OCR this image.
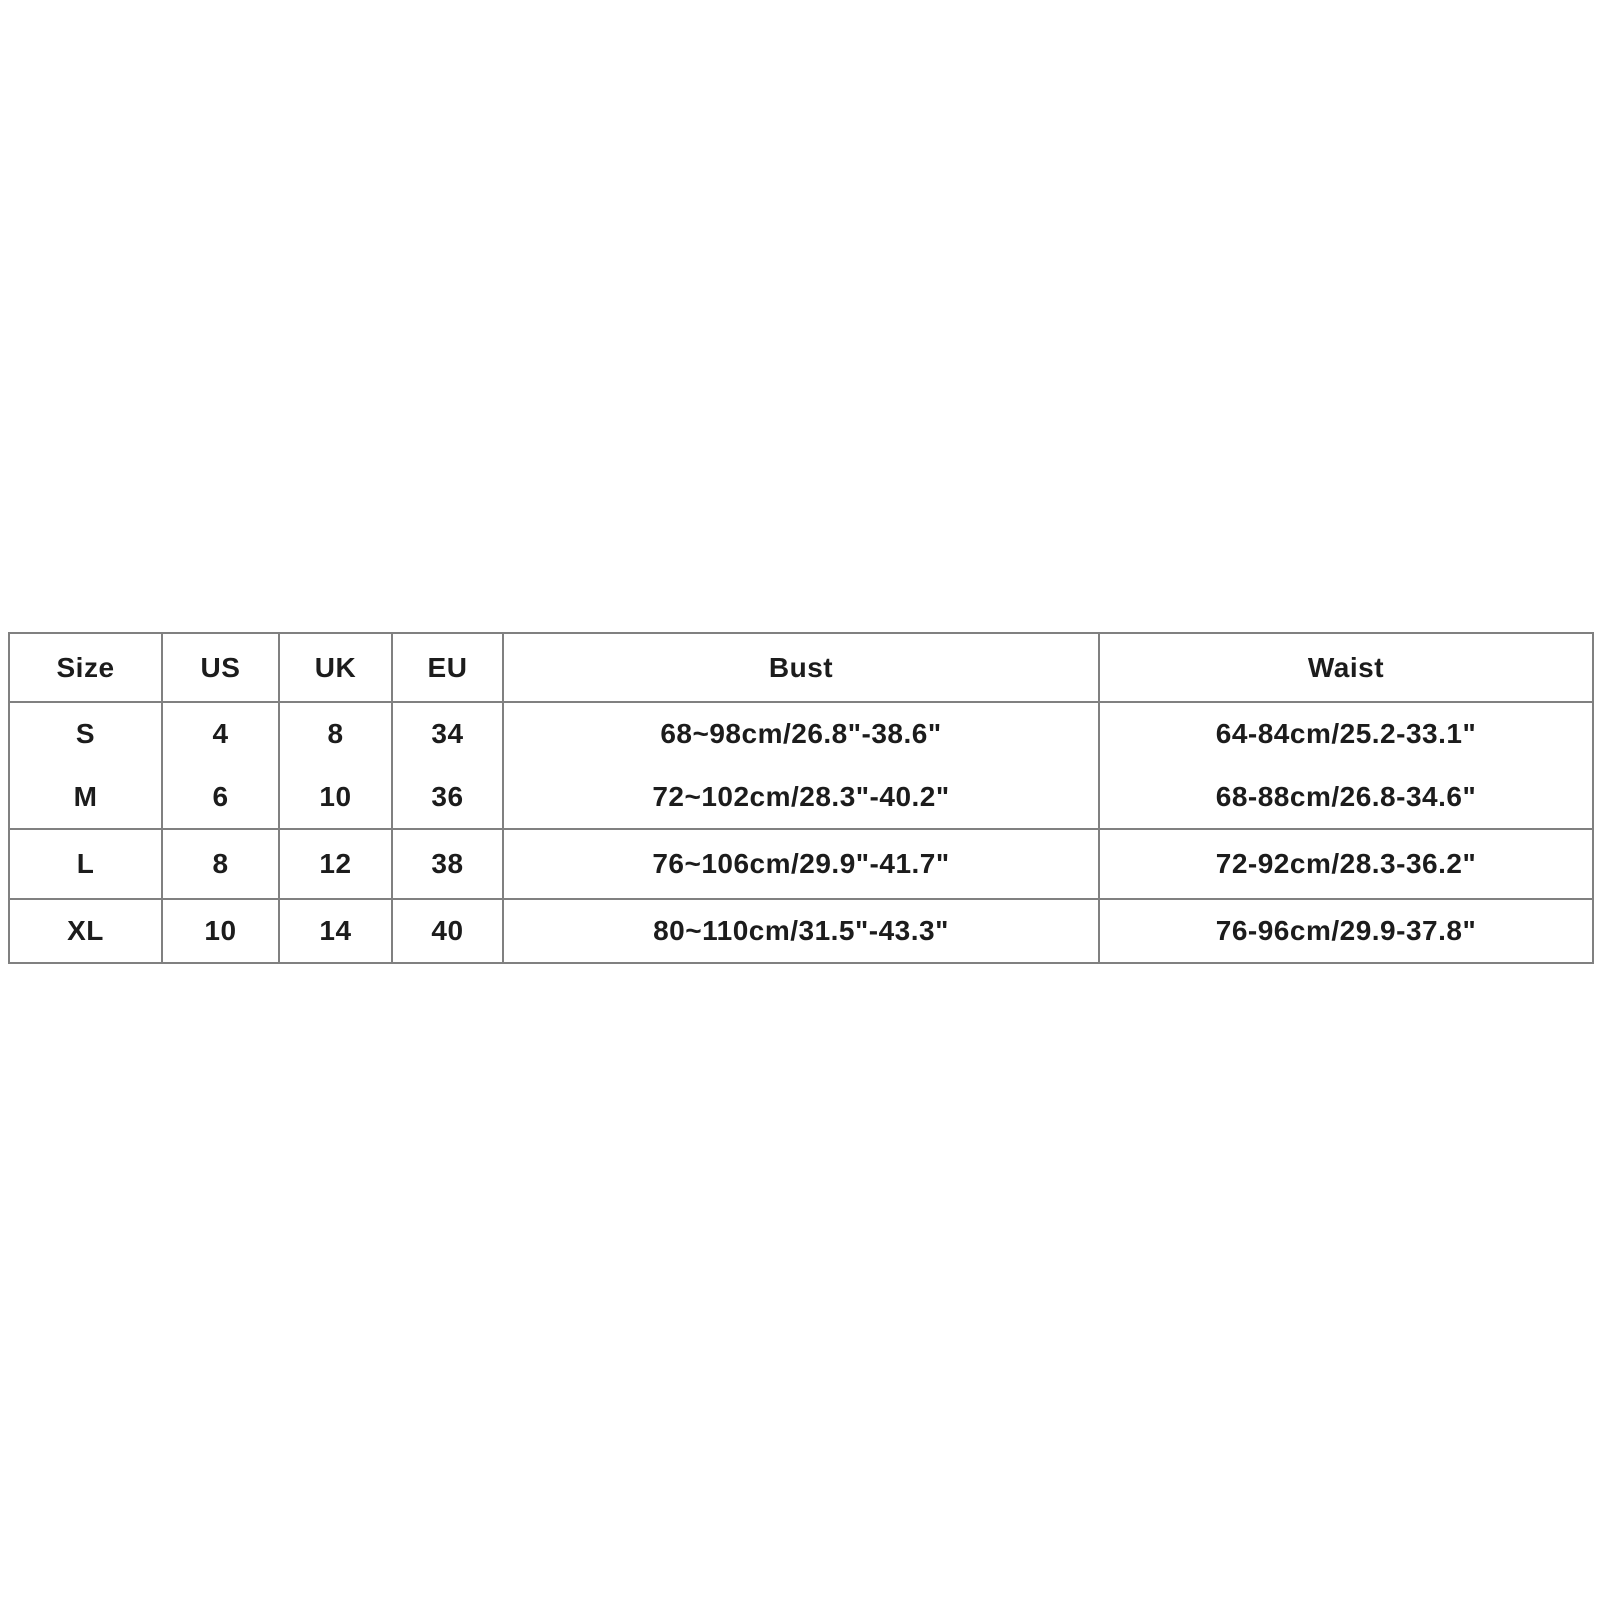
Size	US	UK	EU	Bust	Waist
S	4	8	34	68~98cm/26.8"-38.6"	64-84cm/25.2-33.1"
M	6	10	36	72~102cm/28.3"-40.2"	68-88cm/26.8-34.6"
L	8	12	38	76~106cm/29.9"-41.7"	72-92cm/28.3-36.2"
XL	10	14	40	80~110cm/31.5"-43.3"	76-96cm/29.9-37.8"
